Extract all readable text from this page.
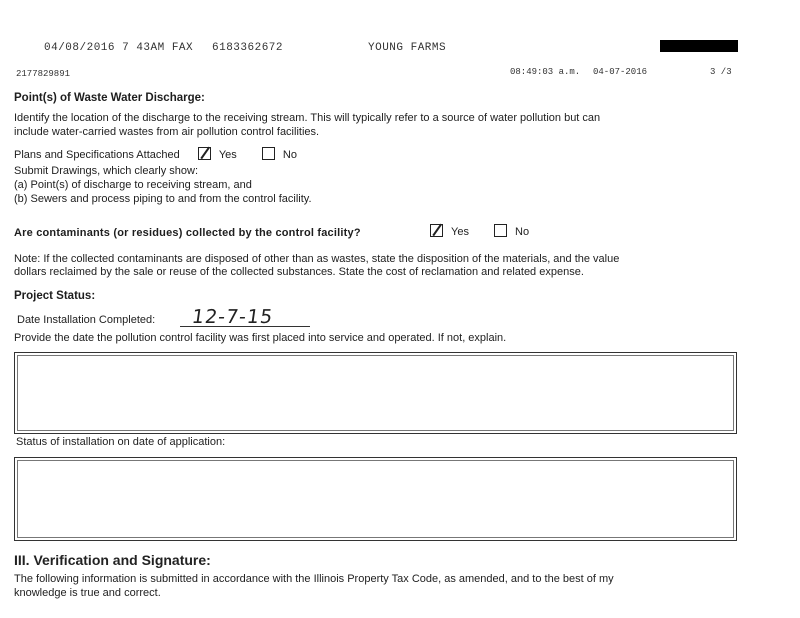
04/08/2016 7 43AM FAX 6183362672	YOUNG FARMS
2177829891	08:49:03 a.m. 04-07-2016	3 /3
Point(s) of Waste Water Discharge:
Identify the location of the discharge to the receiving stream. This will typically refer to a source of water pollution but can
include water-carried wastes from air pollution control facilities.
Plans and Specifications Attached	Yes	No
Submit Drawings, which clearly show:
(a) Point(s) of discharge to receiving stream, and
(b) Sewers and process piping to and from the control facility.
Are contaminants (or residues) collected by the control facility?	Yes	No
Note: If the collected contaminants are disposed of other than as wastes, state the disposition of the materials, and the value
dollars reclaimed by the sale or reuse of the collected substances. State the cost of reclamation and related expense.
Project Status:
Date Installation Completed: 12-7-15
Provide the date the pollution control facility was first placed into service and operated. If not, explain.
Status of installation on date of application:
III. Verification and Signature:
The following information is submitted in accordance with the Illinois Property Tax Code, as amended, and to the best of my
knowledge is true and correct.
